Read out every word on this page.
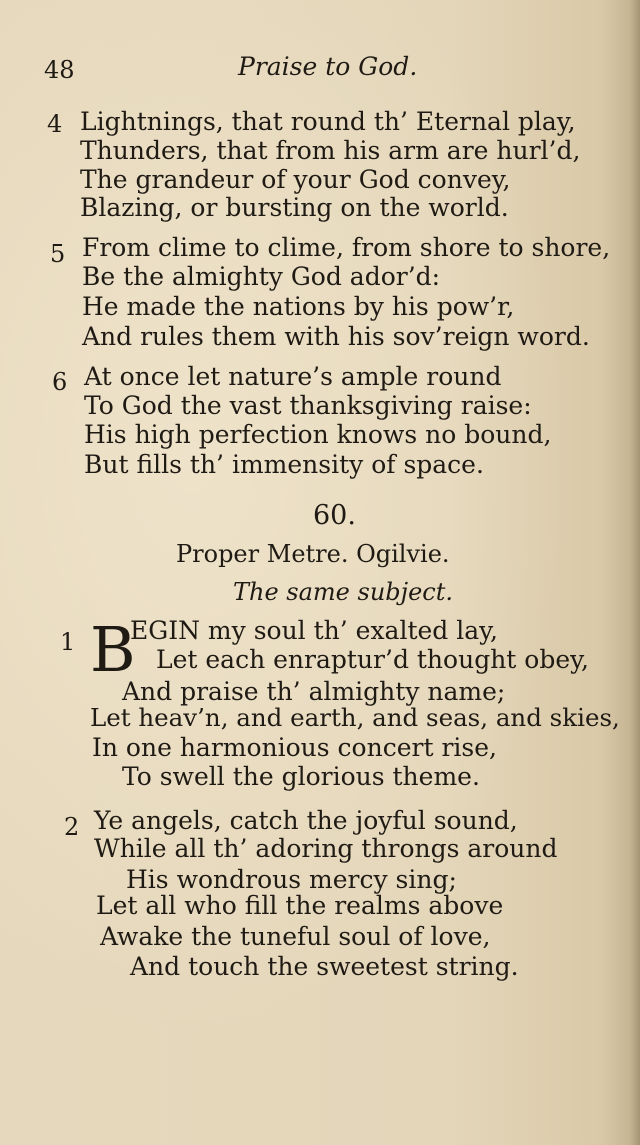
48	Praise to God.
4 Lightnings, that round th’ Eternal play,
Thunders, that from his arm are hurl’d,
The grandeur of your God convey,
Blazing, or bursting on the world.
5 From clime to clime, from shore to shore,
Be the almighty God ador’d:
He made the nations by his pow’r,
And rules them with his sov’reign word.
6 At once let nature’s ample round
To God the vast thanksgiving raise:
His high perfection knows no bound,
But fills th’ immensity of space.
60.
Proper Metre. Ogilvie.
The same subject.
1 B
EGIN my soul th’ exalted lay,
Let each enraptur’d thought obey,
And praise th’ almighty name;
Let heav’n, and earth, and seas, and skies,
In one harmonious concert rise,
To swell the glorious theme.
2 Ye angels, catch the joyful sound,
While all th’ adoring throngs around
His wondrous mercy sing;
Let all who fill the realms above
Awake the tuneful soul of love,
And touch the sweetest string.
